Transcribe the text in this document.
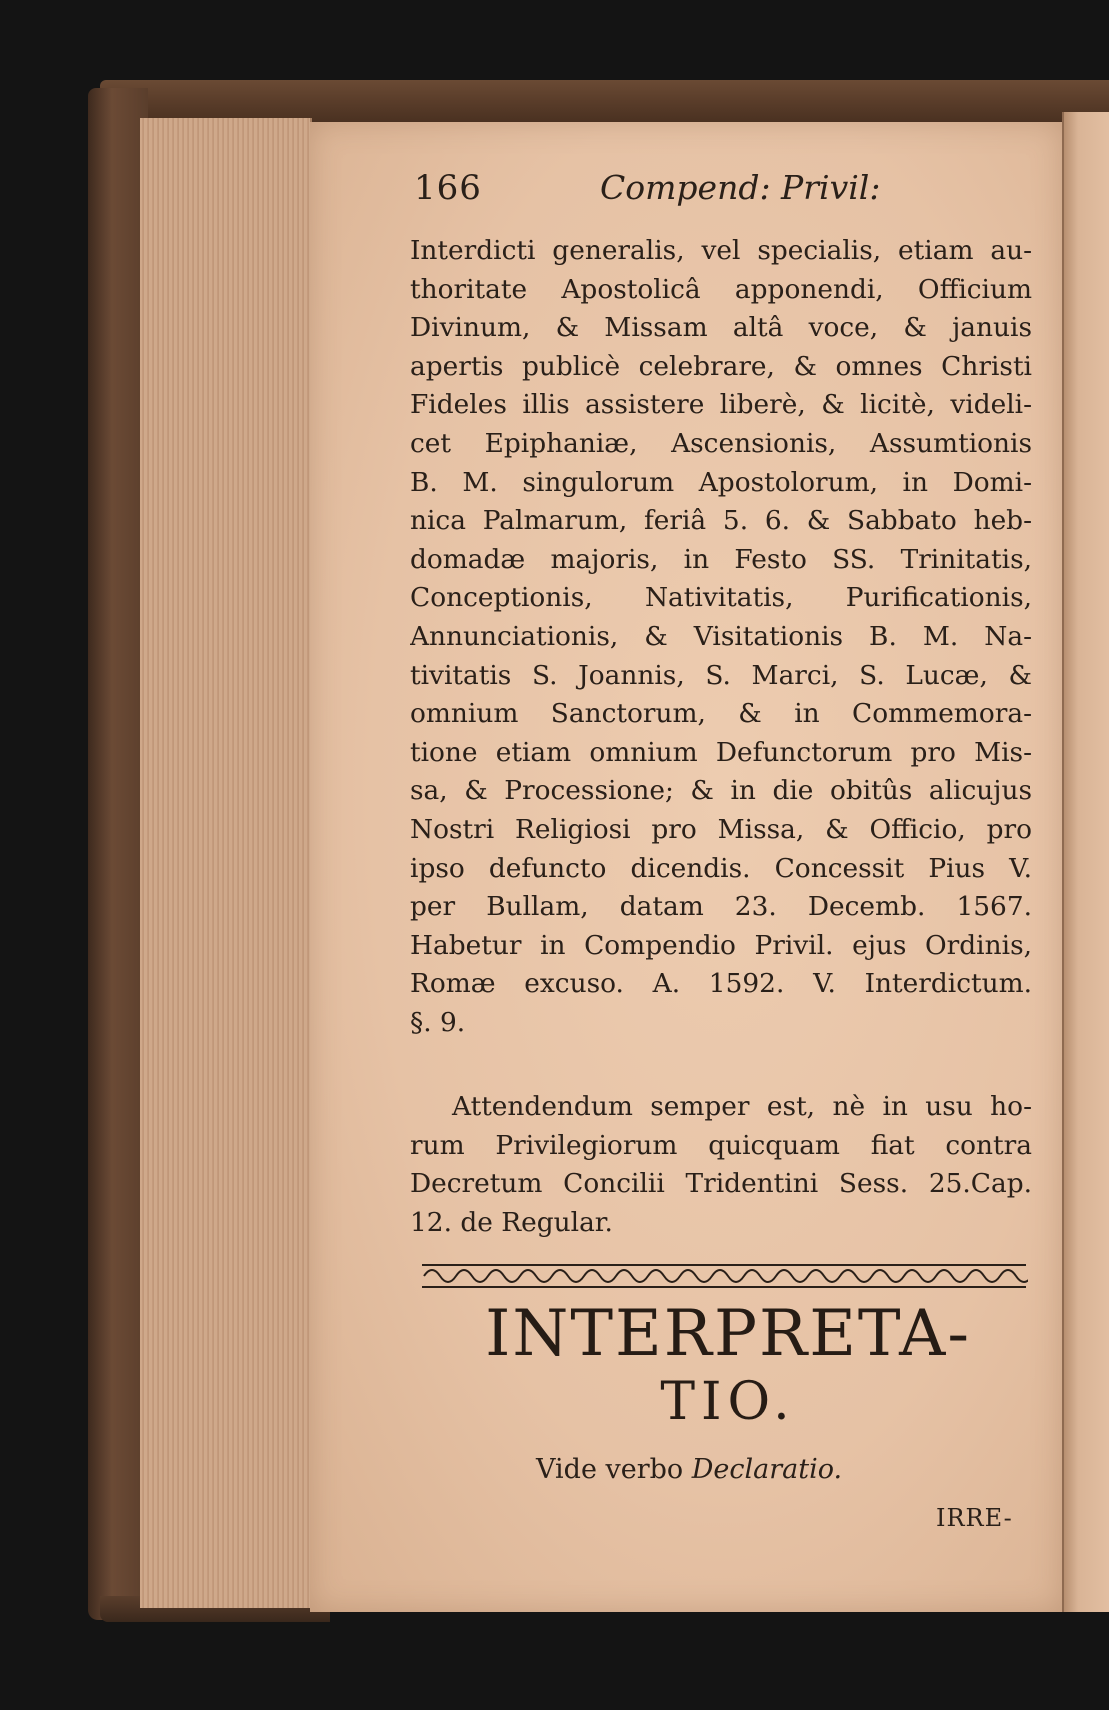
166	Compend: Privil:
Interdicti generalis, vel specialis, etiam au-
thoritate Apostolicâ apponendi, Officium
Divinum, & Missam altâ voce, & januis
apertis publicè celebrare, & omnes Christi
Fideles illis assistere liberè, & licitè, videli-
cet Epiphaniæ, Ascensionis, Assumtionis
B. M. singulorum Apostolorum, in Domi-
nica Palmarum, feriâ 5. 6. & Sabbato heb-
domadæ majoris, in Festo SS. Trinitatis,
Conceptionis, Nativitatis, Purificationis,
Annunciationis, & Visitationis B. M. Na-
tivitatis S. Joannis, S. Marci, S. Lucæ, &
omnium Sanctorum, & in Commemora-
tione etiam omnium Defunctorum pro Mis-
sa, & Processione; & in die obitûs alicujus
Nostri Religiosi pro Missa, & Officio, pro
ipso defuncto dicendis. Concessit Pius V.
per Bullam, datam 23. Decemb. 1567.
Habetur in Compendio Privil. ejus Ordinis,
Romæ excuso. A. 1592. V. Interdictum.
§. 9.
Attendendum semper est, nè in usu ho-
rum Privilegiorum quicquam fiat contra
Decretum Concilii Tridentini Sess. 25.Cap.
12. de Regular.
INTERPRETA-
TIO.
Vide verbo Declaratio.
IRRE-
